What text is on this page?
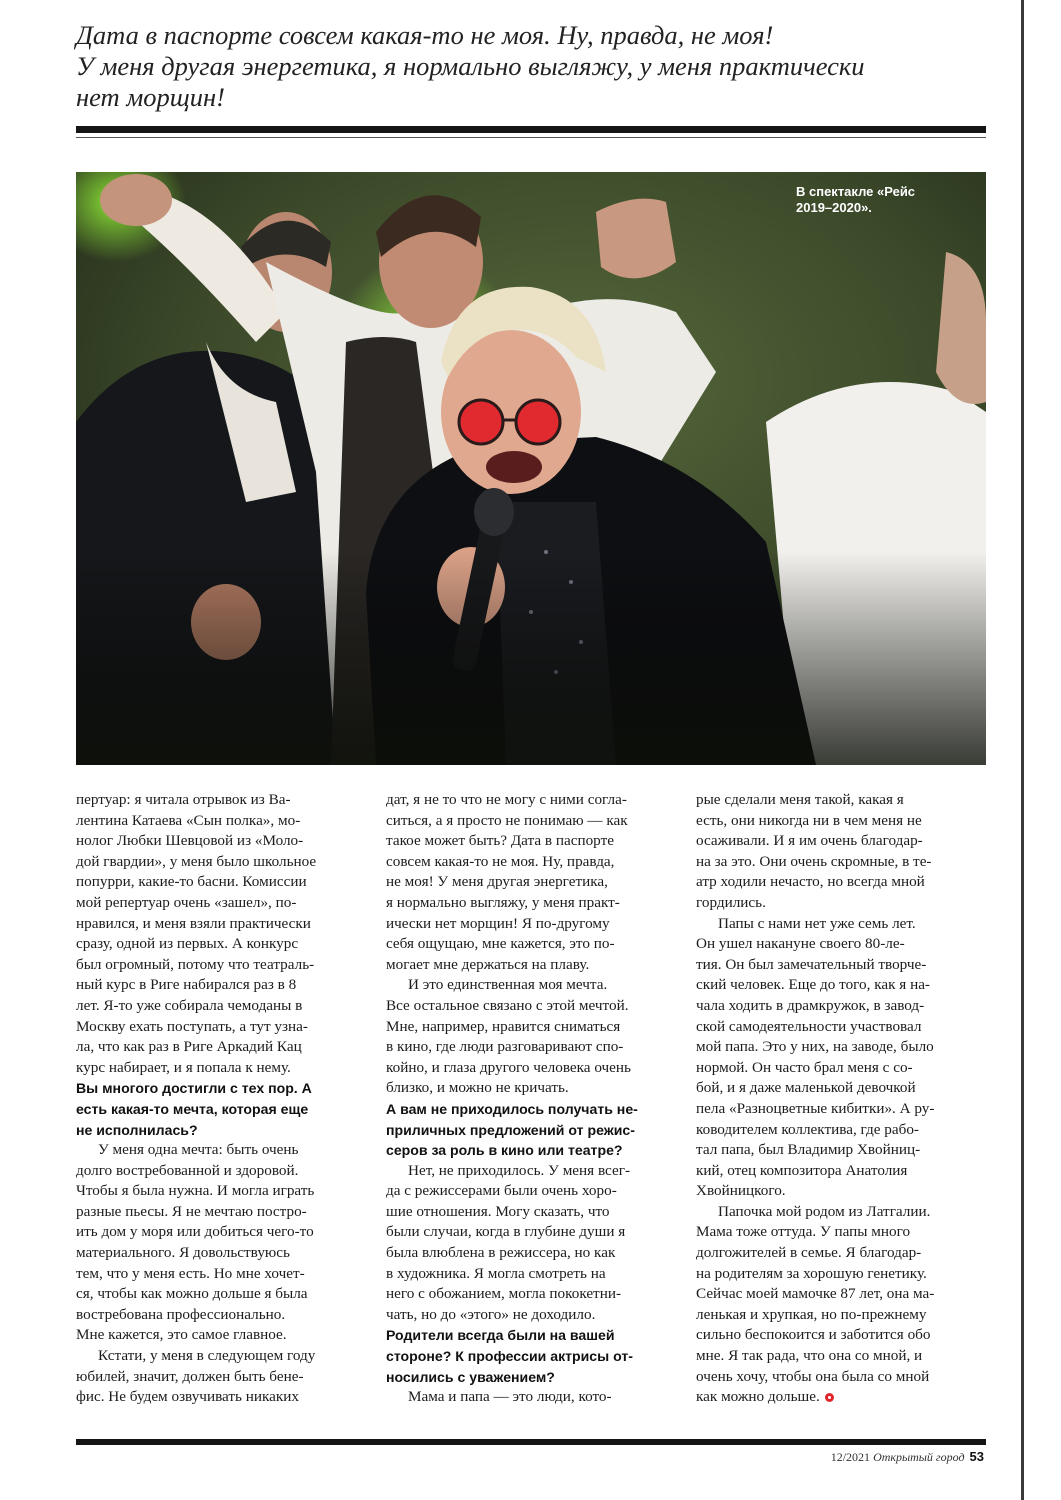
Дата в паспорте совсем какая-то не моя. Ну, правда, не моя!
У меня другая энергетика, я нормально выгляжу, у меня практически
нет морщин!
В спектакле «Рейс
2019–2020».
пертуар: я читала отрывок из Ва-
лентина Катаева «Сын полка», мо-
нолог Любки Шевцовой из «Моло-
дой гвардии», у меня было школьное
попурри, какие-то басни. Комиссии
мой репертуар очень «зашел», по-
нравился, и меня взяли практически
сразу, одной из первых. А конкурс
был огромный, потому что театраль-
ный курс в Риге набирался раз в 8
лет. Я-то уже собирала чемоданы в
Москву ехать поступать, а тут узна-
ла, что как раз в Риге Аркадий Кац
курс набирает, и я попала к нему.
Вы многого достигли с тех пор. А
есть какая-то мечта, которая еще
не исполнилась?
У меня одна мечта: быть очень
долго востребованной и здоровой.
Чтобы я была нужна. И могла играть
разные пьесы. Я не мечтаю постро-
ить дом у моря или добиться чего-то
материального. Я довольствуюсь
тем, что у меня есть. Но мне хочет-
ся, чтобы как можно дольше я была
востребована профессионально.
Мне кажется, это самое главное.
Кстати, у меня в следующем году
юбилей, значит, должен быть бене-
фис. Не будем озвучивать никаких
дат, я не то что не могу с ними согла-
ситься, а я просто не понимаю — как
такое может быть? Дата в паспорте
совсем какая-то не моя. Ну, правда,
не моя! У меня другая энергетика,
я нормально выгляжу, у меня практ-
ически нет морщин! Я по-другому
себя ощущаю, мне кажется, это по-
могает мне держаться на плаву.
И это единственная моя мечта.
Все остальное связано с этой мечтой.
Мне, например, нравится сниматься
в кино, где люди разговаривают спо-
койно, и глаза другого человека очень
близко, и можно не кричать.
А вам не приходилось получать не-
приличных предложений от режис-
серов за роль в кино или театре?
Нет, не приходилось. У меня всег-
да с режиссерами были очень хоро-
шие отношения. Могу сказать, что
были случаи, когда в глубине души я
была влюблена в режиссера, но как
в художника. Я могла смотреть на
него с обожанием, могла пококетни-
чать, но до «этого» не доходило.
Родители всегда были на вашей
стороне? К профессии актрисы от-
носились с уважением?
Мама и папа — это люди, кото-
рые сделали меня такой, какая я
есть, они никогда ни в чем меня не
осаживали. И я им очень благодар-
на за это. Они очень скромные, в те-
атр ходили нечасто, но всегда мной
гордились.
Папы с нами нет уже семь лет.
Он ушел накануне своего 80-ле-
тия. Он был замечательный творче-
ский человек. Еще до того, как я на-
чала ходить в драмкружок, в завод-
ской самодеятельности участвовал
мой папа. Это у них, на заводе, было
нормой. Он часто брал меня с со-
бой, и я даже маленькой девочкой
пела «Разноцветные кибитки». А ру-
ководителем коллектива, где рабо-
тал папа, был Владимир Хвойниц-
кий, отец композитора Анатолия
Хвойницкого.
Папочка мой родом из Латгалии.
Мама тоже оттуда. У папы много
долгожителей в семье. Я благодар-
на родителям за хорошую генетику.
Сейчас моей мамочке 87 лет, она ма-
ленькая и хрупкая, но по-прежнему
сильно беспокоится и заботится обо
мне. Я так рада, что она со мной, и
очень хочу, чтобы она была со мной
как можно дольше.
12/2021 Открытый город 53
